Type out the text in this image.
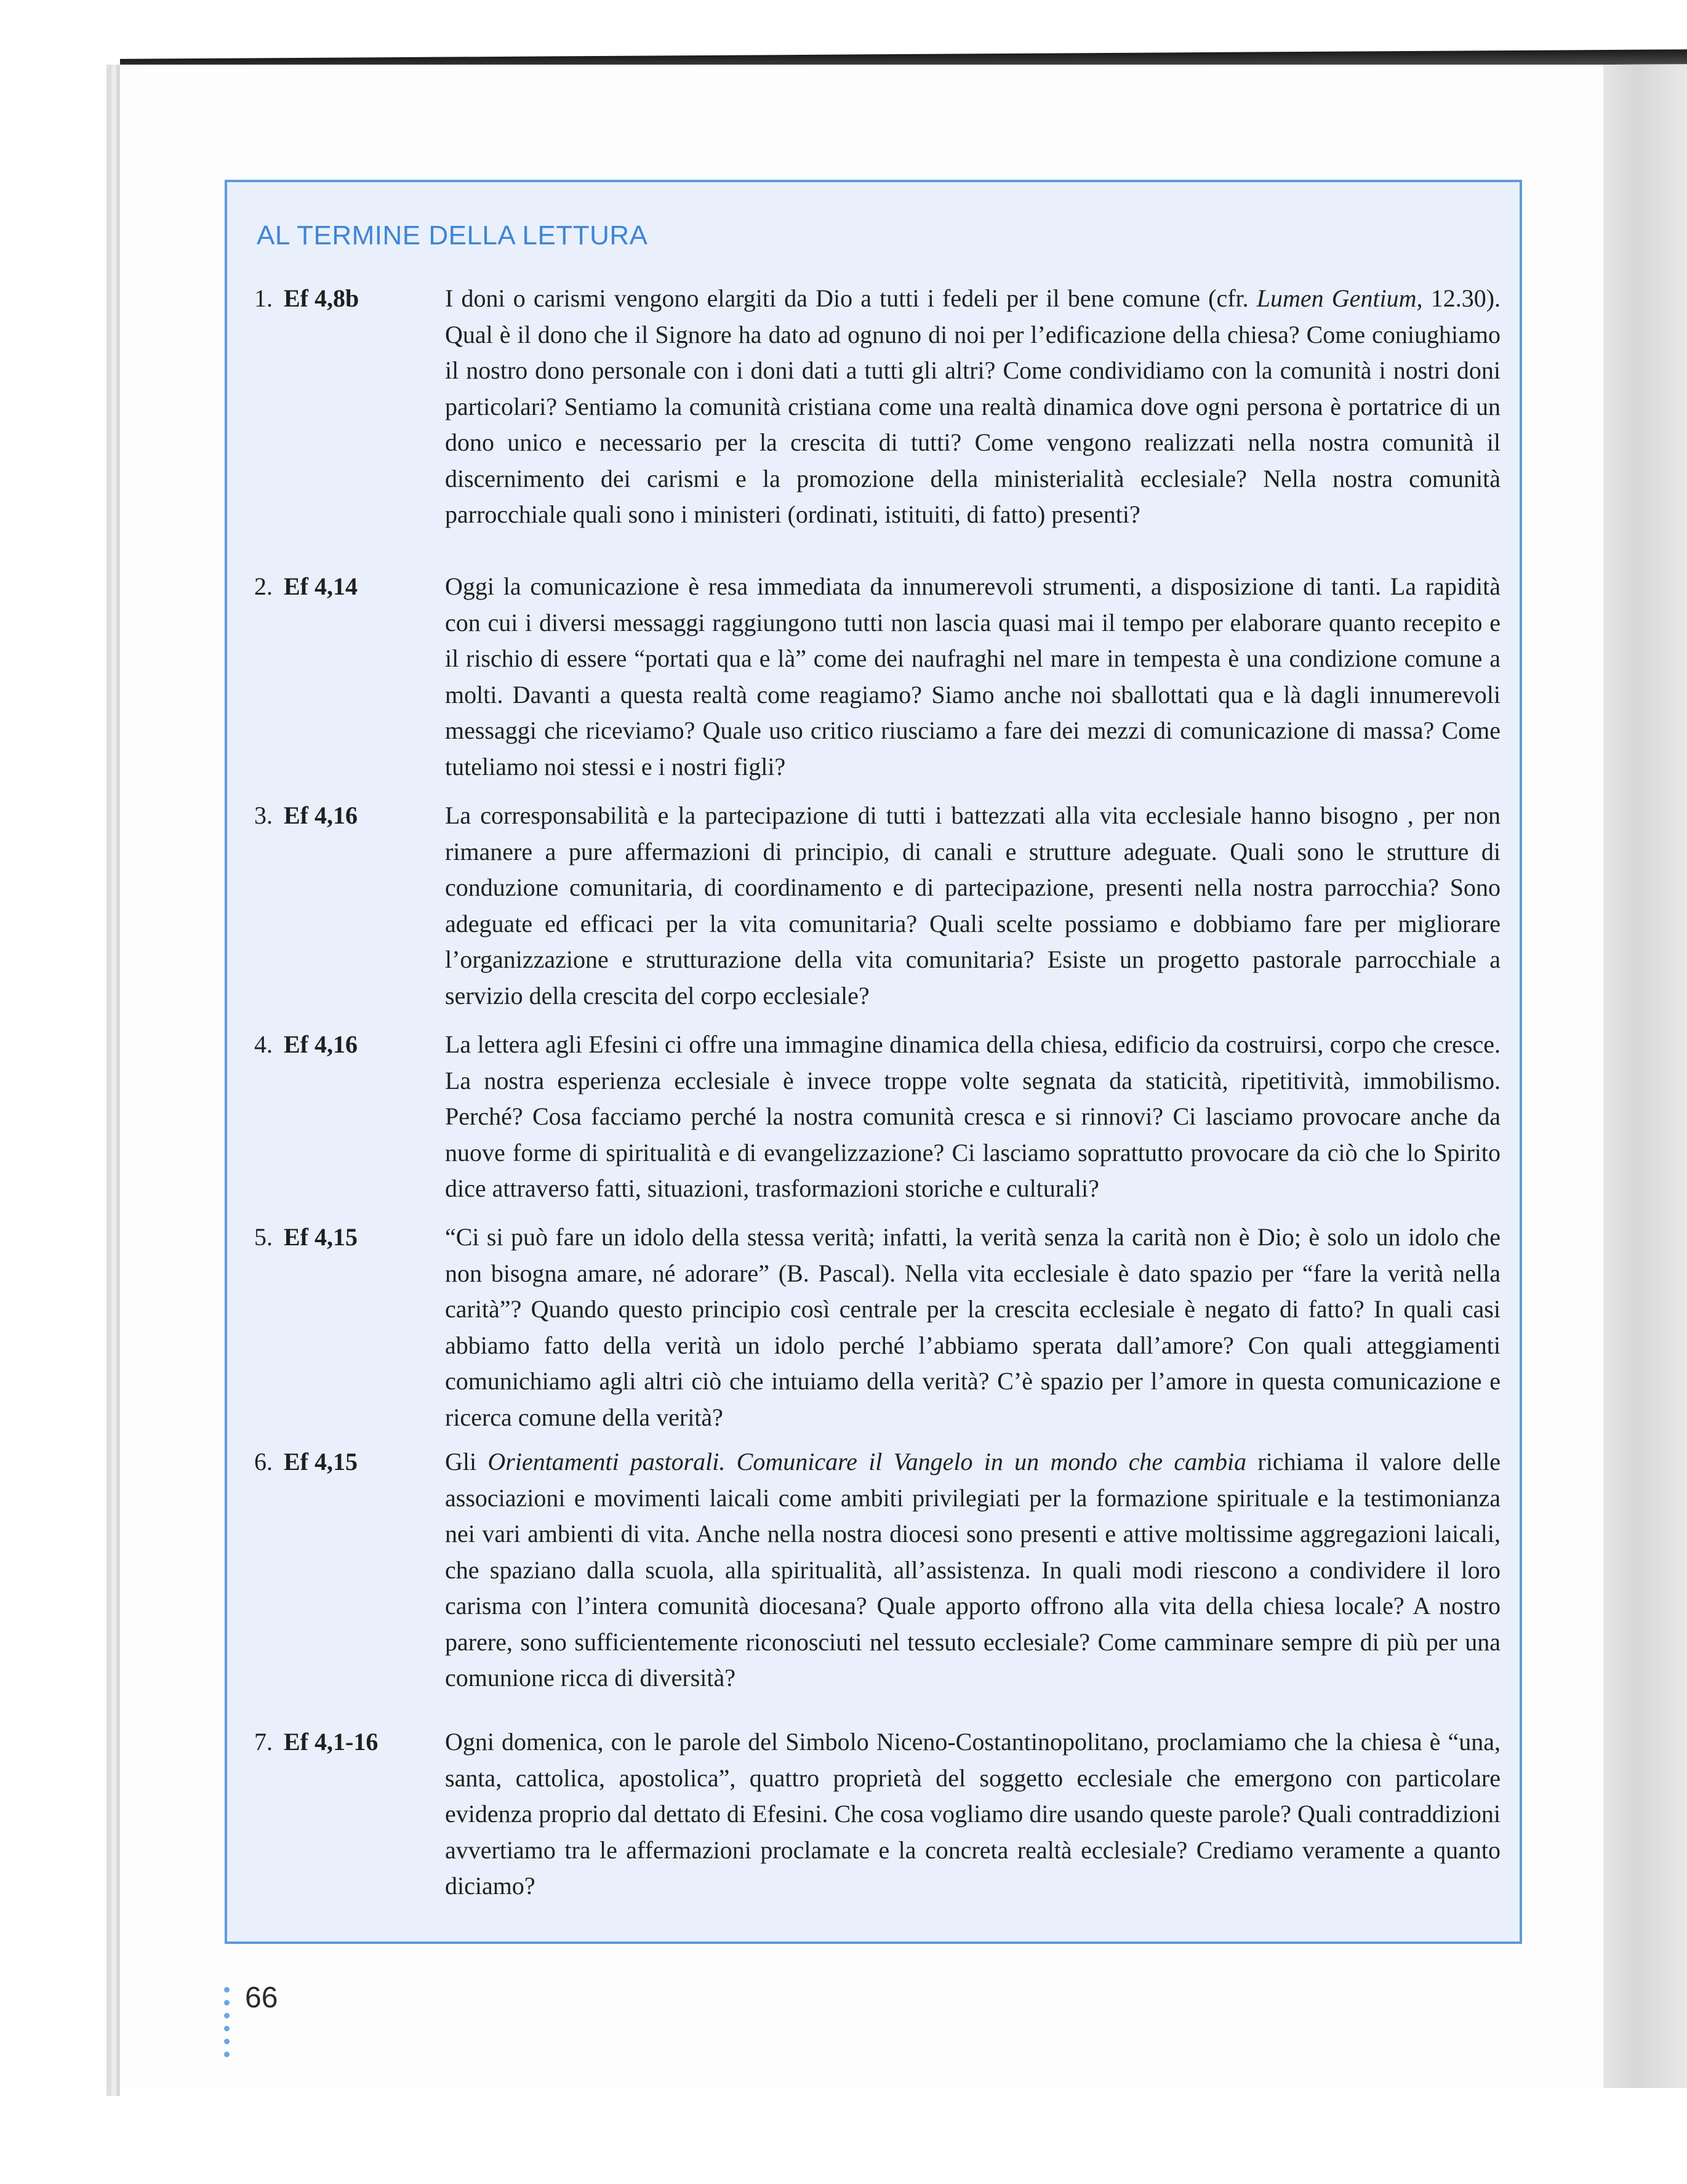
AL TERMINE DELLA LETTURA
1. Ef 4,8b	I doni o carismi vengono elargiti da Dio a tutti i fedeli per il bene comune (cfr. Lumen Gentium, 12.30). Qual è il dono che il Signore ha dato ad ognuno di noi per l’edificazione della chiesa? Come coniughiamo il nostro dono personale con i doni dati a tutti gli altri? Come condividiamo con la comunità i nostri doni particolari? Sentiamo la comunità cristiana come una realtà dinamica dove ogni persona è portatrice di un dono unico e necessario per la crescita di tutti? Come vengono realizzati nella nostra comunità il discernimento dei carismi e la promozione della ministerialità ecclesiale? Nella nostra comunità parrocchiale quali sono i ministeri (ordinati, istituiti, di fatto) presenti?

2. Ef 4,14	Oggi la comunicazione è resa immediata da innumerevoli strumenti, a disposizione di tanti. La rapidità con cui i diversi messaggi raggiungono tutti non lascia quasi mai il tempo per elaborare quanto recepito e il rischio di essere “portati qua e là” come dei naufraghi nel mare in tempesta è una condizione comune a molti. Davanti a questa realtà come reagiamo? Siamo anche noi sballottati qua e là dagli innumerevoli messaggi che riceviamo? Quale uso critico riusciamo a fare dei mezzi di comunicazione di massa? Come tuteliamo noi stessi e i nostri figli?

3. Ef 4,16	La corresponsabilità e la partecipazione di tutti i battezzati alla vita ecclesiale hanno bisogno , per non rimanere a pure affermazioni di principio, di canali e strutture adeguate. Quali sono le strutture di conduzione comunitaria, di coordinamento e di partecipazione, presenti nella nostra parrocchia? Sono adeguate ed efficaci per la vita comunitaria? Quali scelte possiamo e dobbiamo fare per migliorare l’organizzazione e strutturazione della vita comunitaria? Esiste un progetto pastorale parrocchiale a servizio della crescita del corpo ecclesiale?

4. Ef 4,16	La lettera agli Efesini ci offre una immagine dinamica della chiesa, edificio da costruirsi, corpo che cresce. La nostra esperienza ecclesiale è invece troppe volte segnata da staticità, ripetitività, immobilismo. Perché? Cosa facciamo perché la nostra comunità cresca e si rinnovi? Ci lasciamo provocare anche da nuove forme di spiritualità e di evangelizzazione? Ci lasciamo soprattutto provocare da ciò che lo Spirito dice attraverso fatti, situazioni, trasformazioni storiche e culturali?

5. Ef 4,15	“Ci si può fare un idolo della stessa verità; infatti, la verità senza la carità non è Dio; è solo un idolo che non bisogna amare, né adorare” (B. Pascal). Nella vita ecclesiale è dato spazio per “fare la verità nella carità”? Quando questo principio così centrale per la crescita ecclesiale è negato di fatto? In quali casi abbiamo fatto della verità un idolo perché l’abbiamo sperata dall’amore? Con quali atteggiamenti comunichiamo agli altri ciò che intuiamo della verità? C’è spazio per l’amore in questa comunicazione e ricerca comune della verità?

6. Ef 4,15	Gli Orientamenti pastorali. Comunicare il Vangelo in un mondo che cambia richiama il valore delle associazioni e movimenti laicali come ambiti privilegiati per la formazione spirituale e la testimonianza nei vari ambienti di vita. Anche nella nostra diocesi sono presenti e attive moltissime aggregazioni laicali, che spaziano dalla scuola, alla spiritualità, all’assistenza. In quali modi riescono a condividere il loro carisma con l’intera comunità diocesana? Quale apporto offrono alla vita della chiesa locale? A nostro parere, sono sufficientemente riconosciuti nel tessuto ecclesiale? Come camminare sempre di più per una comunione ricca di diversità?

7. Ef 4,1-16	Ogni domenica, con le parole del Simbolo Niceno-Costantinopolitano, proclamiamo che la chiesa è “una, santa, cattolica, apostolica”, quattro proprietà del soggetto ecclesiale che emergono con particolare evidenza proprio dal dettato di Efesini. Che cosa vogliamo dire usando queste parole? Quali contraddizioni avvertiamo tra le affermazioni proclamate e la concreta realtà ecclesiale? Crediamo veramente a quanto diciamo?

66
